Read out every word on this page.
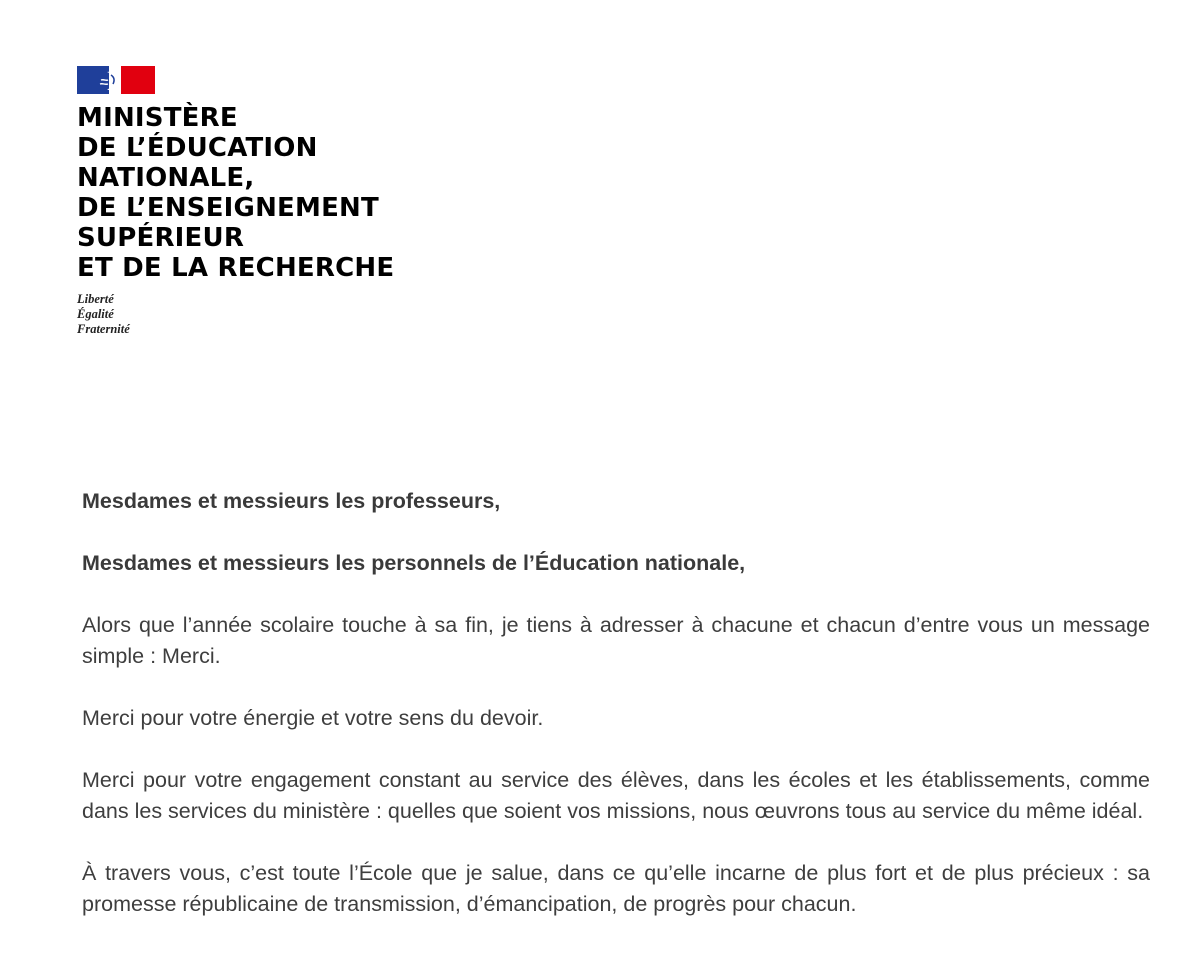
MINISTÈRE
DE L’ÉDUCATION
NATIONALE,
DE L’ENSEIGNEMENT
SUPÉRIEUR
ET DE LA RECHERCHE
Liberté
Égalité
Fraternité

Mesdames et messieurs les professeurs,

Mesdames et messieurs les personnels de l’Éducation nationale,

Alors que l’année scolaire touche à sa fin, je tiens à adresser à chacune et chacun d’entre vous un message simple : Merci.

Merci pour votre énergie et votre sens du devoir.

Merci pour votre engagement constant au service des élèves, dans les écoles et les établissements, comme dans les services du ministère : quelles que soient vos missions, nous œuvrons tous au service du même idéal.

À travers vous, c’est toute l’École que je salue, dans ce qu’elle incarne de plus fort et de plus précieux : sa promesse républicaine de transmission, d’émancipation, de progrès pour chacun.
